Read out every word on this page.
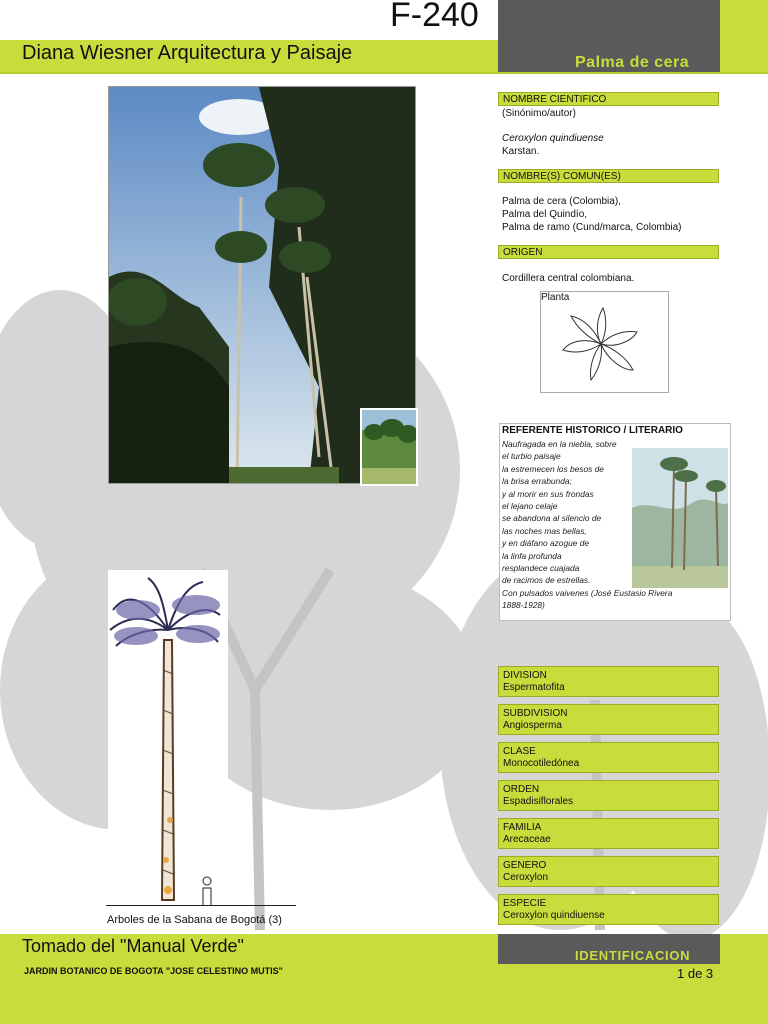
F-240
Diana Wiesner Arquitectura y Paisaje	Palma de cera
Arboles de la Sabana de Bogotá (3)
NOMBRE CIENTIFICO
(Sinónimo/autor)
Ceroxylon quindiuense
Karstan.
NOMBRE(S) COMUN(ES)
Palma de cera (Colombia),
Palma del Quindío,
Palma de ramo (Cund/marca, Colombia)
ORIGEN
Cordillera central colombiana.
Planta
REFERENTE HISTORICO / LITERARIO
Naufragada en la niebla, sobre
el turbio paisaje
la estremecen los besos de
la brisa errabunda;
y al morir en sus frondas
el lejano celaje
se abandona al silencio de
las noches mas bellas,
y en diáfano azogue de
la linfa profunda
resplandece cuajada
de racimos de estrellas.
Con pulsados vaivenes (José Eustasio Rivera
1888-1928)
DIVISION
Espermatofita
SUBDIVISION
Angiosperma
CLASE
Monocotiledónea
ORDEN
Espadisiflorales
FAMILIA
Arecaceae
GENERO
Ceroxylon
ESPECIE
Ceroxylon quindiuense
Tomado del "Manual Verde"
JARDIN BOTANICO DE BOGOTA "JOSE CELESTINO MUTIS"
IDENTIFICACION
1 de 3
